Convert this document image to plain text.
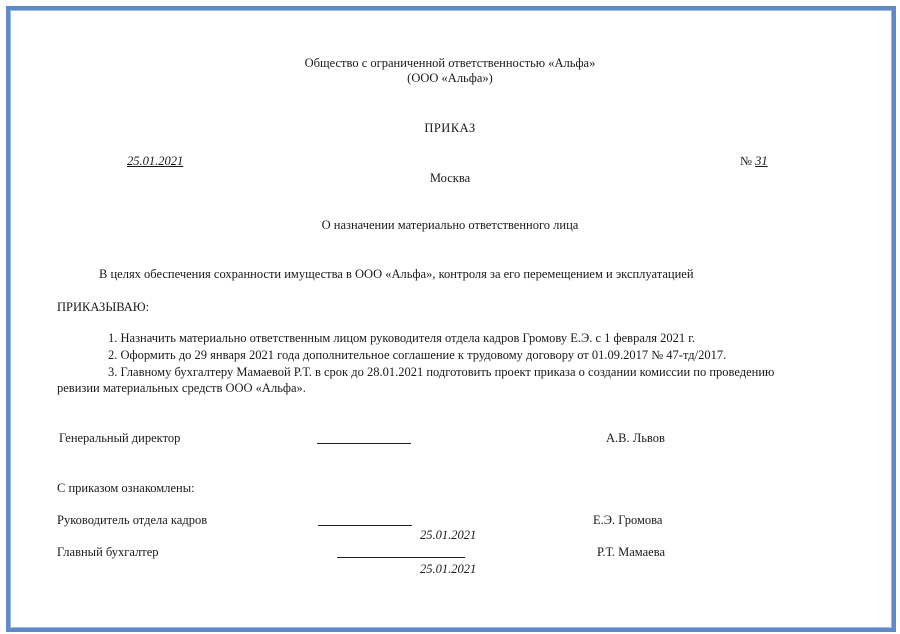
Общество с ограниченной ответственностью «Альфа»
(ООО «Альфа»)
ПРИКАЗ
25.01.2021	№ 31
Москва
О назначении материально ответственного лица
В целях обеспечения сохранности имущества в ООО «Альфа», контроля за его перемещением и эксплуатацией
ПРИКАЗЫВАЮ:
1. Назначить материально ответственным лицом руководителя отдела кадров Громову Е.Э. с 1 февраля 2021 г.
2. Оформить до 29 января 2021 года дополнительное соглашение к трудовому договору от 01.09.2017 № 47-тд/2017.
3. Главному бухгалтеру Мамаевой Р.Т. в срок до 28.01.2021 подготовить проект приказа о создании комиссии по проведению
ревизии материальных средств ООО «Альфа».
Генеральный директор	А.В. Львов
С приказом ознакомлены:
Руководитель отдела кадров	Е.Э. Громова
25.01.2021
Главный бухгалтер	Р.Т. Мамаева
25.01.2021
